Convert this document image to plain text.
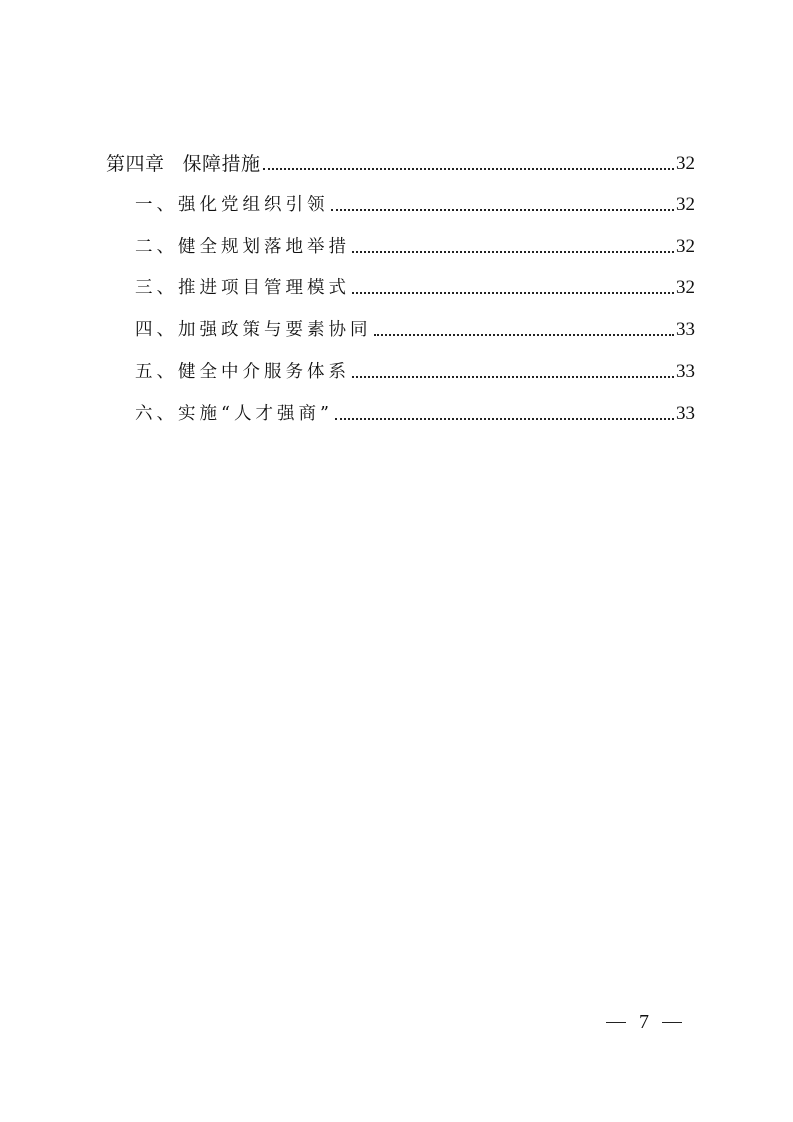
第四章 保障措施	32
一、强化党组织引领	32
二、健全规划落地举措	32
三、推进项目管理模式	32
四、加强政策与要素协同	33
五、健全中介服务体系	33
六、实施“人才强商”	33
7
